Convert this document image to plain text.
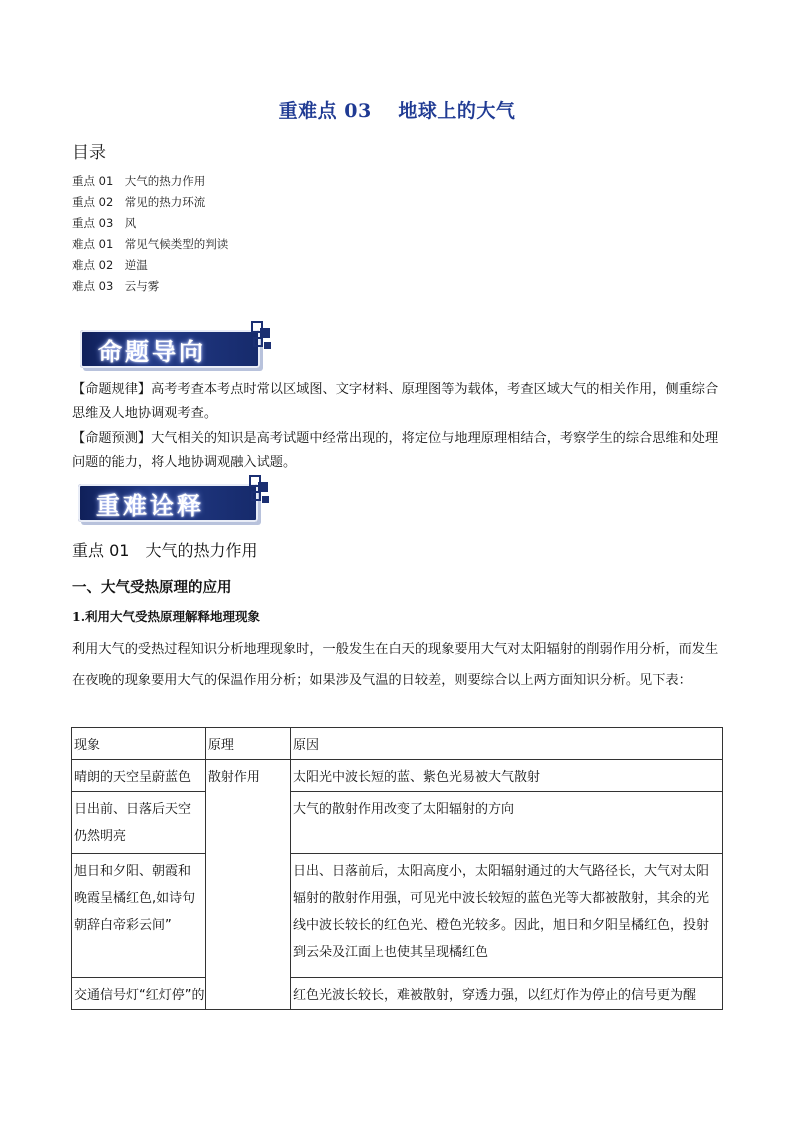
重难点 03　 地球上的大气
目录
重点 01　大气的热力作用
重点 02　常见的热力环流
重点 03　风
难点 01　常见气候类型的判读
难点 02　逆温
难点 03　云与雾
命题导向
【命题规律】高考考查本考点时常以区域图、文字材料、原理图等为载体，考查区域大气的相关作用，侧重综合思维及人地协调观考查。
【命题预测】大气相关的知识是高考试题中经常出现的，将定位与地理原理相结合，考察学生的综合思维和处理问题的能力，将人地协调观融入试题。
重难诠释
重点 01　大气的热力作用
一、大气受热原理的应用
1.利用大气受热原理解释地理现象
利用大气的受热过程知识分析地理现象时，一般发生在白天的现象要用大气对太阳辐射的削弱作用分析，而发生在夜晚的现象要用大气的保温作用分析；如果涉及气温的日较差，则要综合以上两方面知识分析。见下表：
现象	原理	原因
晴朗的天空呈蔚蓝色	散射作用	太阳光中波长短的蓝、紫色光易被大气散射
日出前、日落后天空仍然明亮		大气的散射作用改变了太阳辐射的方向
旭日和夕阳、朝霞和晚霞呈橘红色,如诗句朝辞白帝彩云间”		日出、日落前后，太阳高度小，太阳辐射通过的大气路径长，大气对太阳辐射的散射作用强，可见光中波长较短的蓝色光等大都被散射，其余的光线中波长较长的红色光、橙色光较多。因此，旭日和夕阳呈橘红色，投射到云朵及江面上也使其呈现橘红色
交通信号灯“红灯停”的		红色光波长较长，难被散射，穿透力强，以红灯作为停止的信号更为醒
